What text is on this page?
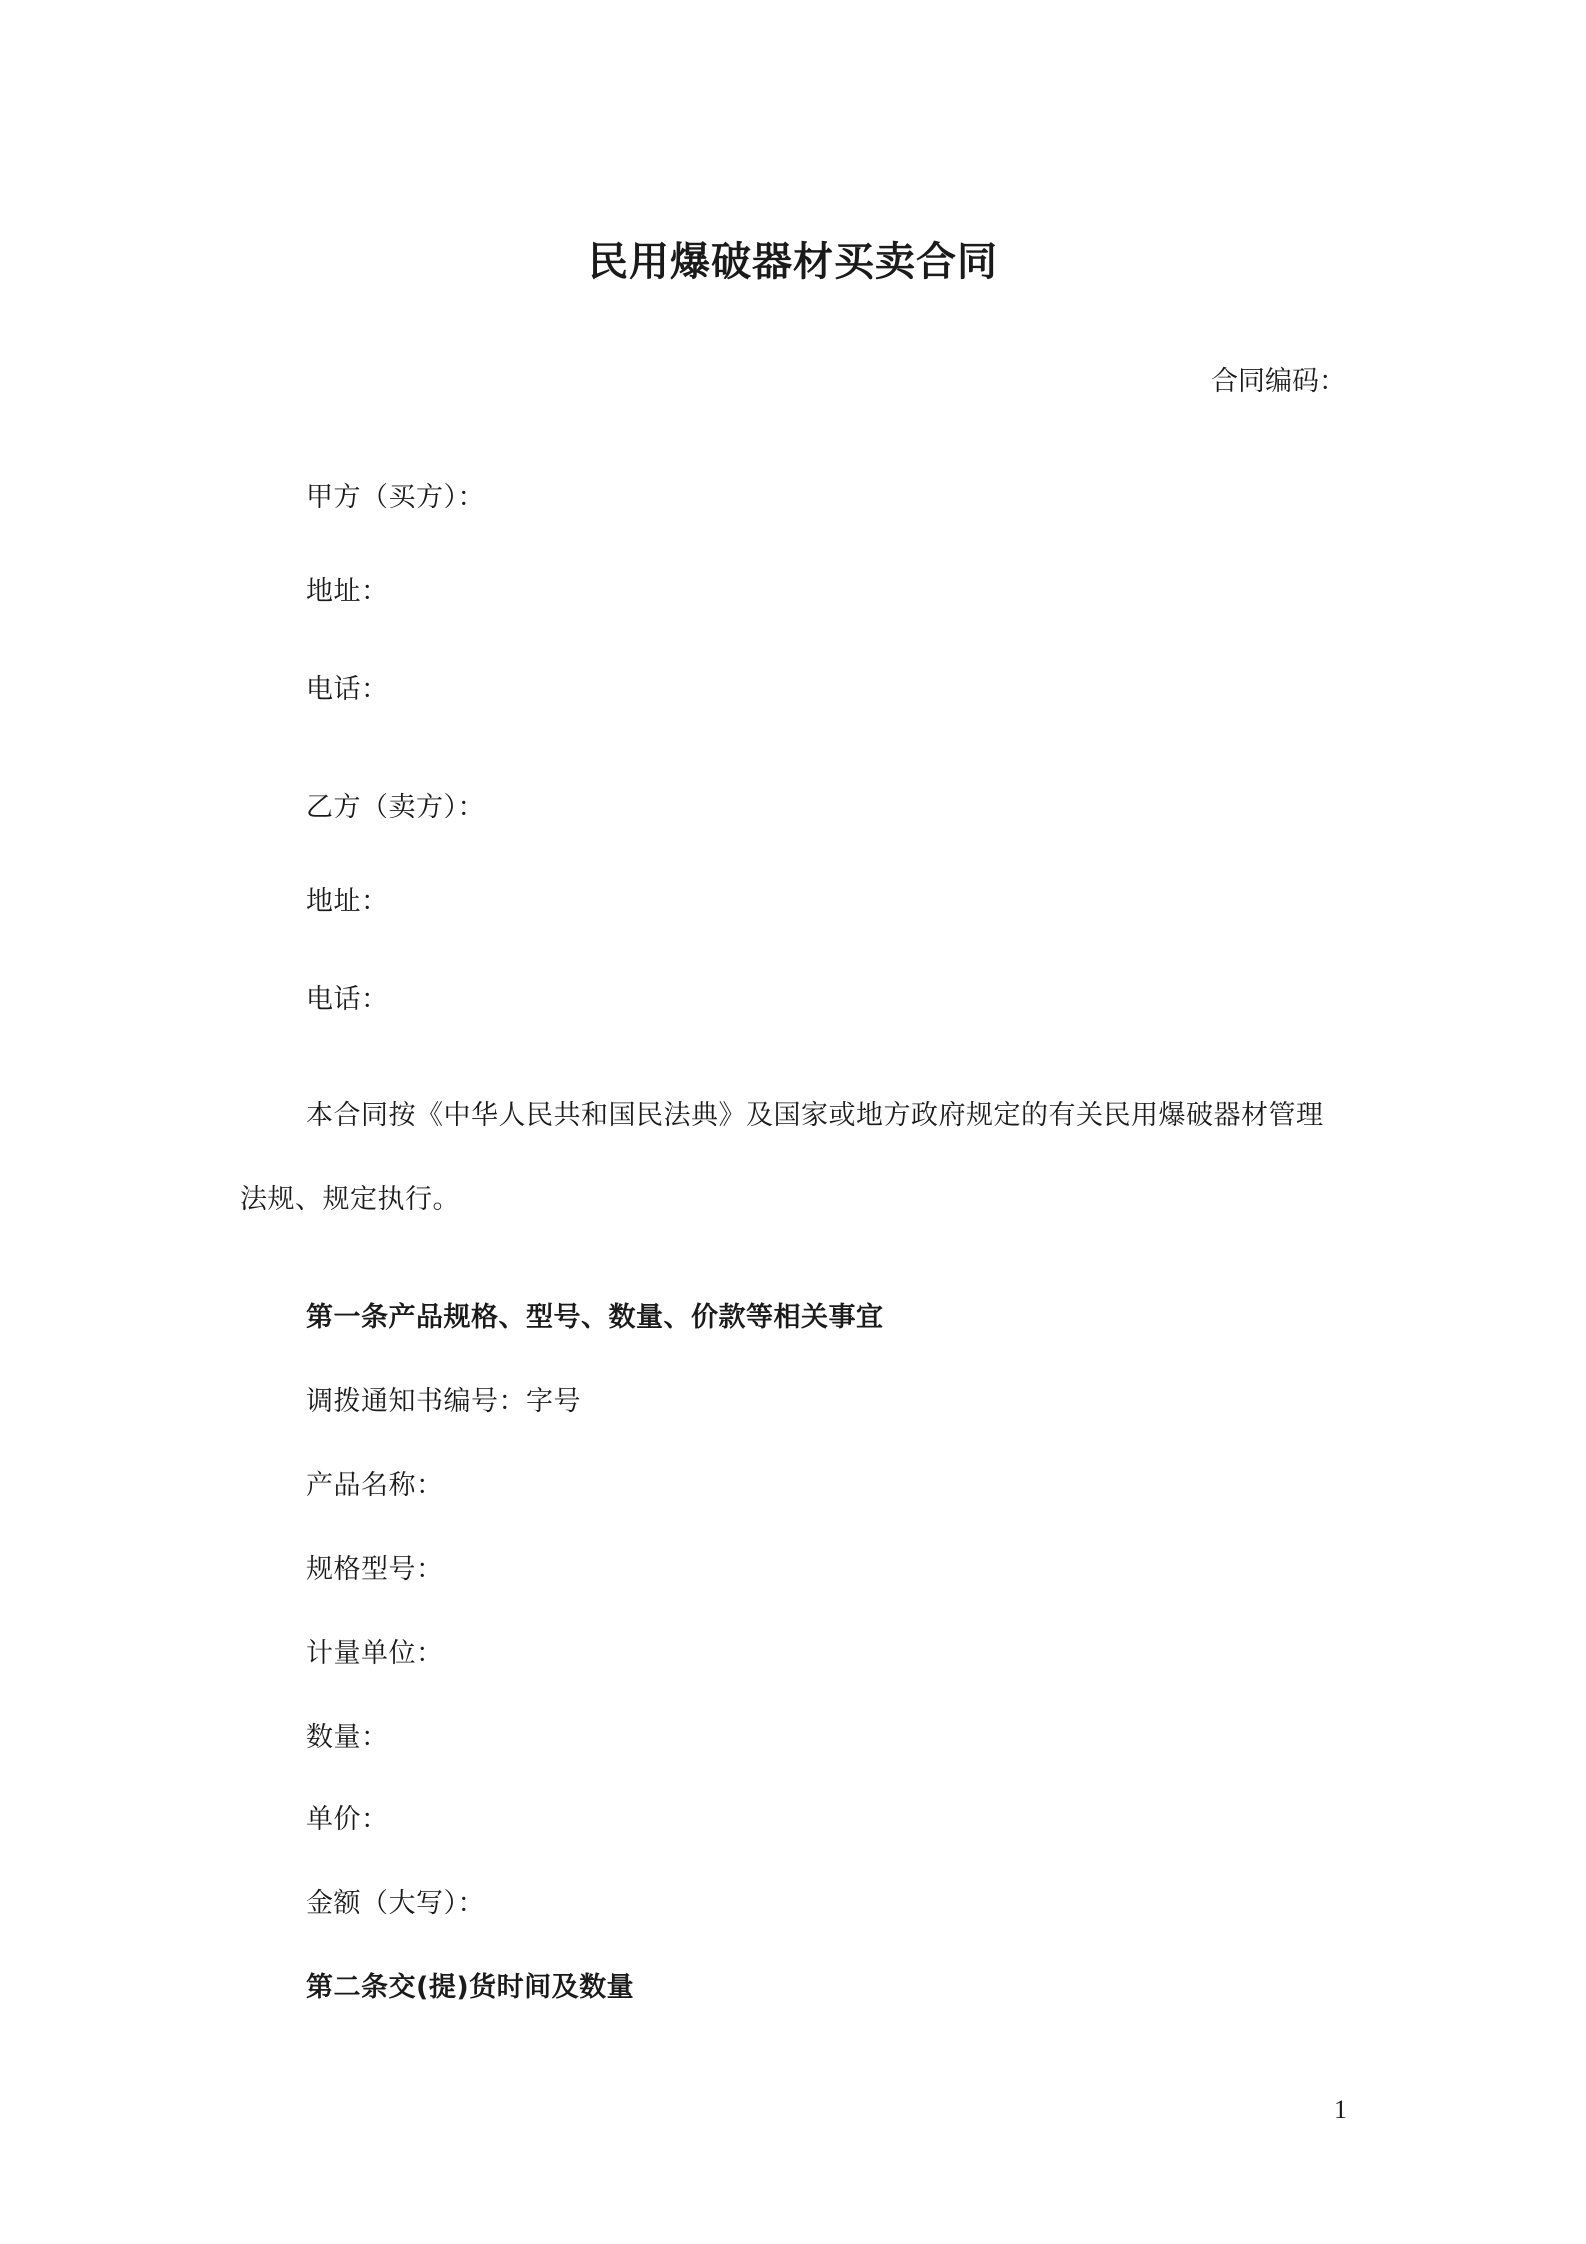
民用爆破器材买卖合同
合同编码：
甲方（买方）：
地址：
电话：
乙方（卖方）：
地址：
电话：
本合同按《中华人民共和国民法典》及国家或地方政府规定的有关民用爆破器材管理
法规、规定执行。
第一条产品规格、型号、数量、价款等相关事宜
调拨通知书编号：字号
产品名称：
规格型号：
计量单位：
数量：
单价：
金额（大写）：
第二条交(提)货时间及数量
1
